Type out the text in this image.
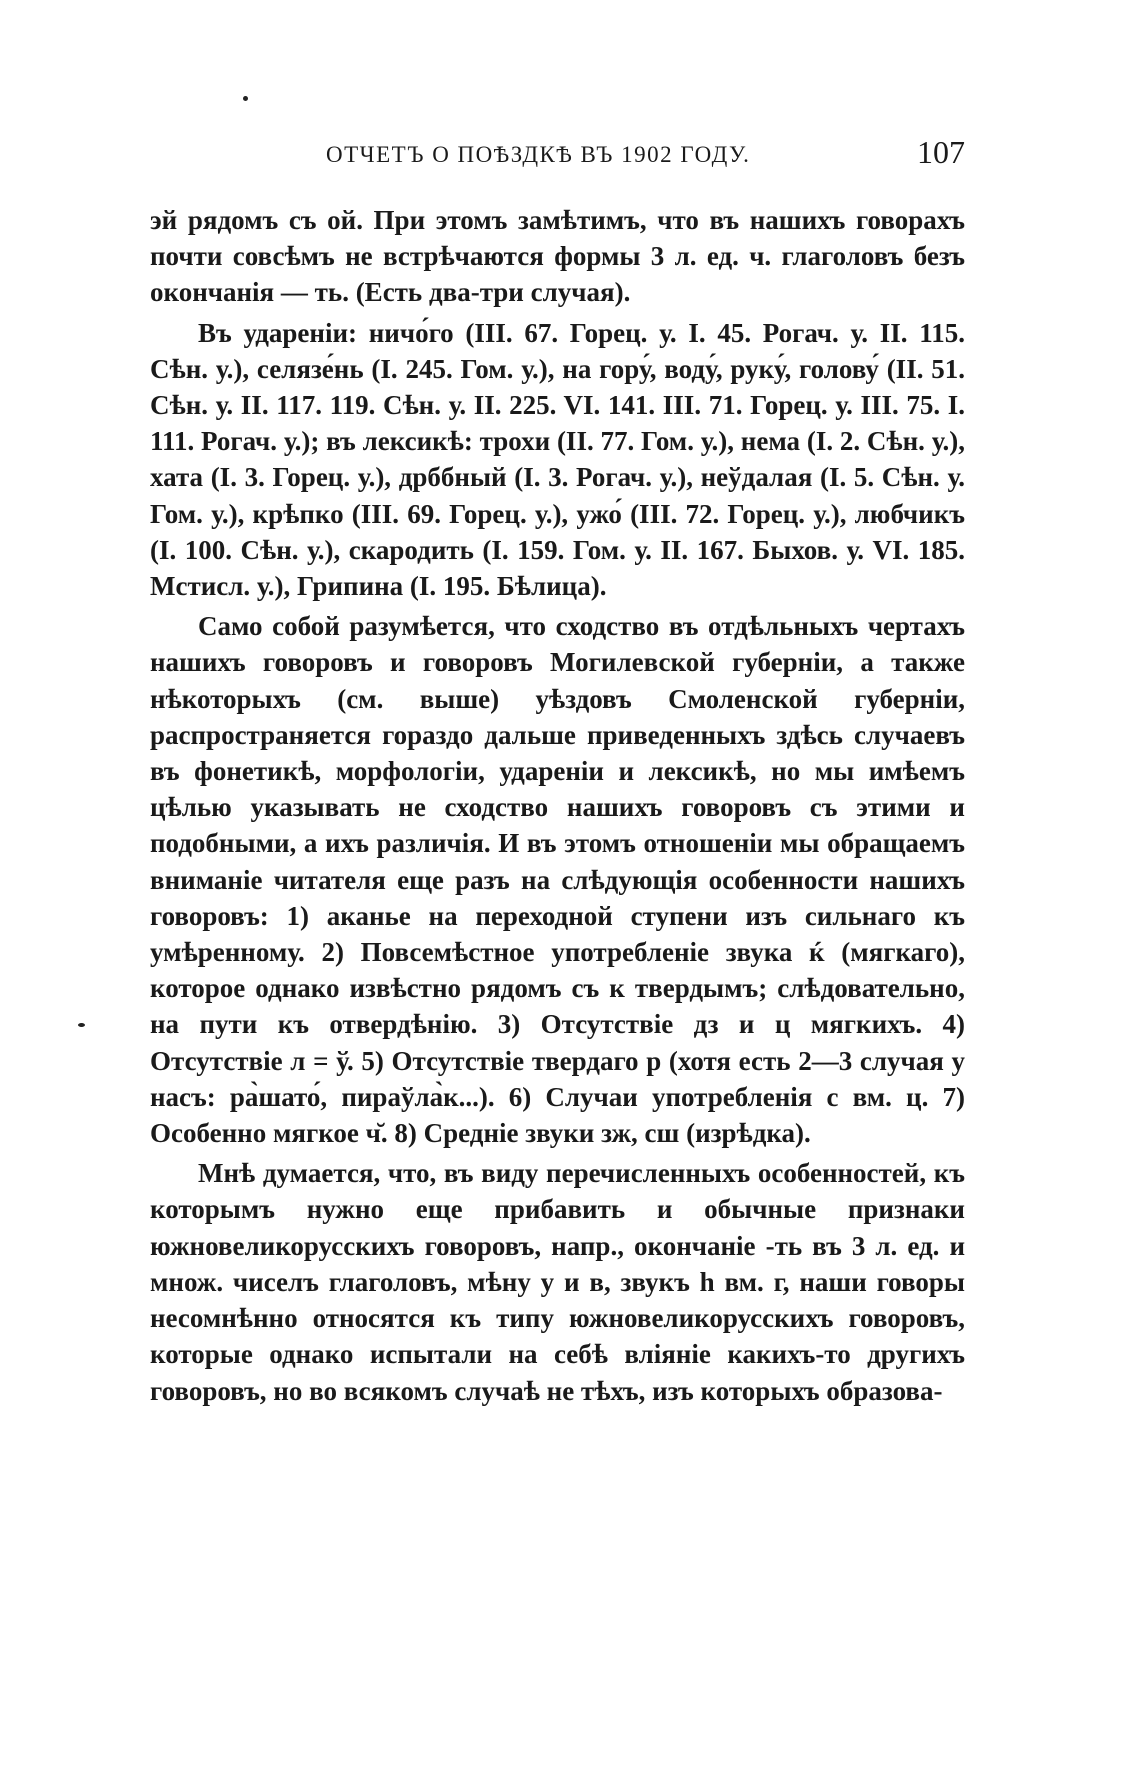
ОТЧЕТЪ О ПОѢЗДКѢ ВЪ 1902 ГОДУ.	107

эй рядомъ съ ой. При этомъ замѣтимъ, что въ нашихъ говорахъ почти совсѣмъ не встрѣчаются формы 3 л. ед. ч. глаголовъ безъ окончанія — ть. (Есть два-три случая).

Въ удареніи: ничо́го (III. 67. Горец. у. I. 45. Рогач. у. II. 115. Сѣн. у.), селязе́нь (I. 245. Гом. у.), на гору́, воду́, руку́, голову́ (II. 51. Сѣн. у. II. 117. 119. Сѣн. у. II. 225. VI. 141. III. 71. Горец. у. III. 75. I. 111. Рогач. у.); въ лексикѣ: трохи (II. 77. Гом. у.), нема (I. 2. Сѣн. у.), хата (I. 3. Горец. у.), дрббный (I. 3. Рогач. у.), неўдалая (I. 5. Сѣн. у. Гом. у.), крѣпко (III. 69. Горец. у.), ужо́ (III. 72. Горец. у.), любчикъ (I. 100. Сѣн. у.), скародить (I. 159. Гом. у. II. 167. Быхов. у. VI. 185. Мстисл. у.), Грипина (I. 195. Бѣлица).

Само собой разумѣется, что сходство въ отдѣльныхъ чертахъ нашихъ говоровъ и говоровъ Могилевской губерніи, а также нѣкоторыхъ (см. выше) уѣздовъ Смоленской губерніи, распространяется гораздо дальше приведенныхъ здѣсь случаевъ въ фонетикѣ, морфологіи, удареніи и лексикѣ, но мы имѣемъ цѣлью указывать не сходство нашихъ говоровъ съ этими и подобными, а ихъ различія. И въ этомъ отношеніи мы обращаемъ вниманіе читателя еще разъ на слѣдующія особенности нашихъ говоровъ: 1) аканье на переходной ступени изъ сильнаго къ умѣренному. 2) Повсемѣстное употребленіе звука ќ (мягкаго), которое однако извѣстно рядомъ съ к твердымъ; слѣдовательно, на пути къ отвердѣнію. 3) Отсутствіе дз и ц мягкихъ. 4) Отсутствіе л = ў. 5) Отсутствіе твердаго р (хотя есть 2—3 случая у насъ: ра̀шато́, пираўла̀к...). 6) Случаи употребленія с вм. ц. 7) Особенно мягкое ч̆. 8) Средніе звуки зж, сш (изрѣдка).

Мнѣ думается, что, въ виду перечисленныхъ особенностей, къ которымъ нужно еще прибавить и обычные признаки южновеликорусскихъ говоровъ, напр., окончаніе -ть въ 3 л. ед. и множ. чиселъ глаголовъ, мѣну у и в, звукъ h вм. г, наши говоры несомнѣнно относятся къ типу южновеликорусскихъ говоровъ, которые однако испытали на себѣ вліяніе какихъ-то другихъ говоровъ, но во всякомъ случаѣ не тѣхъ, изъ которыхъ образова-
